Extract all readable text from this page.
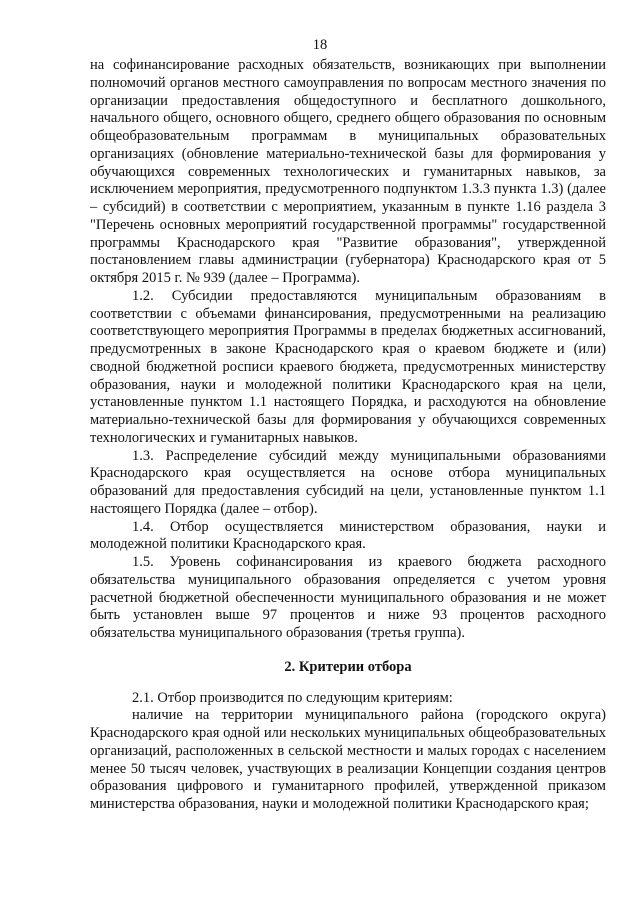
18

на софинансирование расходных обязательств, возникающих при выполнении полномочий органов местного самоуправления по вопросам местного значения по организации предоставления общедоступного и бесплатного дошкольного, начального общего, основного общего, среднего общего образования по основным общеобразовательным программам в муниципальных образовательных организациях (обновление материально-технической базы для формирования у обучающихся современных технологических и гуманитарных навыков, за исключением мероприятия, предусмотренного подпунктом 1.3.3 пункта 1.3) (далее – субсидий) в соответствии с мероприятием, указанным в пункте 1.16 раздела 3 "Перечень основных мероприятий государственной программы" государственной программы Краснодарского края "Развитие образования", утвержденной постановлением главы администрации (губернатора) Краснодарского края от 5 октября 2015 г. № 939 (далее – Программа).

1.2. Субсидии предоставляются муниципальным образованиям в соответствии с объемами финансирования, предусмотренными на реализацию соответствующего мероприятия Программы в пределах бюджетных ассигнований, предусмотренных в законе Краснодарского края о краевом бюджете и (или) сводной бюджетной росписи краевого бюджета, предусмотренных министерству образования, науки и молодежной политики Краснодарского края на цели, установленные пунктом 1.1 настоящего Порядка, и расходуются на обновление материально-технической базы для формирования у обучающихся современных технологических и гуманитарных навыков.

1.3. Распределение субсидий между муниципальными образованиями Краснодарского края осуществляется на основе отбора муниципальных образований для предоставления субсидий на цели, установленные пунктом 1.1 настоящего Порядка (далее – отбор).

1.4. Отбор осуществляется министерством образования, науки и молодежной политики Краснодарского края.

1.5. Уровень софинансирования из краевого бюджета расходного обязательства муниципального образования определяется с учетом уровня расчетной бюджетной обеспеченности муниципального образования и не может быть установлен выше 97 процентов и ниже 93 процентов расходного обязательства муниципального образования (третья группа).

2. Критерии отбора

2.1. Отбор производится по следующим критериям:

наличие на территории муниципального района (городского округа) Краснодарского края одной или нескольких муниципальных общеобразовательных организаций, расположенных в сельской местности и малых городах с населением менее 50 тысяч человек, участвующих в реализации Концепции создания центров образования цифрового и гуманитарного профилей, утвержденной приказом министерства образования, науки и молодежной политики Краснодарского края;
